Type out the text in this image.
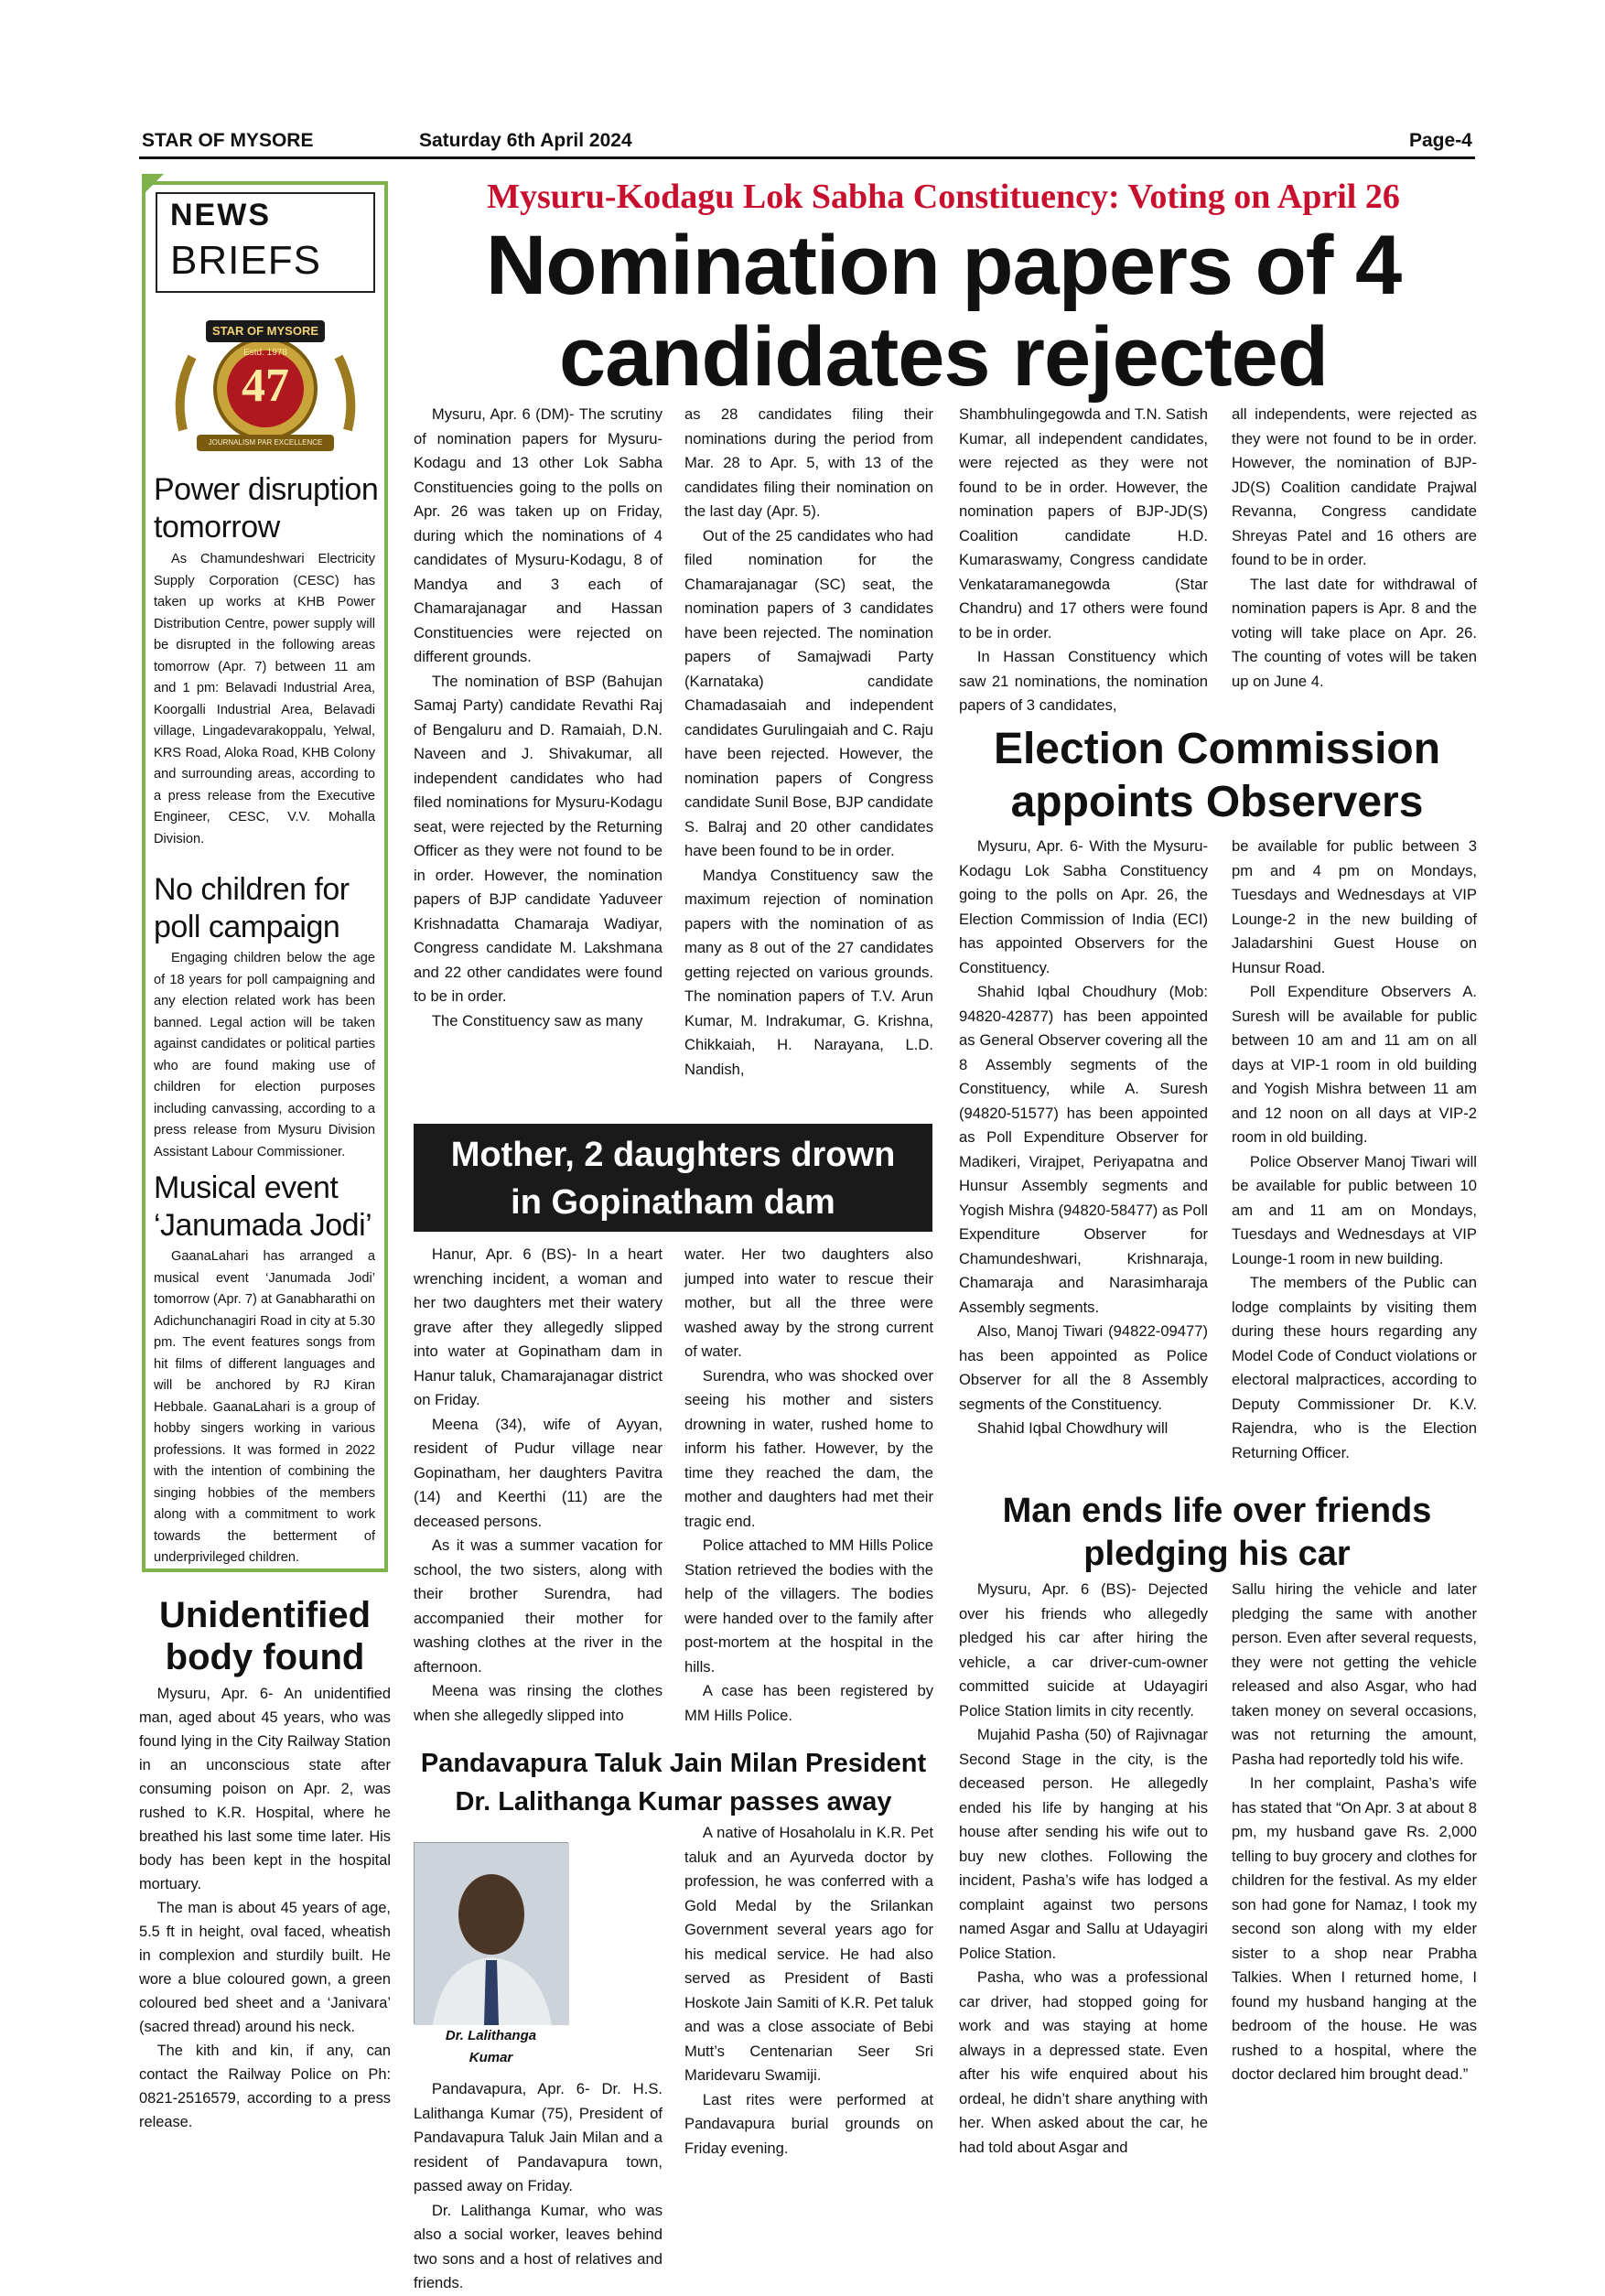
STAR OF MYSORE	Saturday 6th April 2024	Page-4
NEWS
BRIEFS
STAR OF MYSORE
Estd. 1978
47
JOURNALISM PAR EXCELLENCE
Power disruption
tomorrow

As Chamundeshwari Electricity Supply Corporation (CESC) has taken up works at KHB Power Distribution Centre, power supply will be disrupted in the following areas tomorrow (Apr. 7) between 11 am and 1 pm: Belavadi Industrial Area, Koorgalli Industrial Area, Belavadi village, Lingadevarakoppalu, Yelwal, KRS Road, Aloka Road, KHB Colony and surrounding areas, according to a press release from the Executive Engineer, CESC, V.V. Mohalla Division.

No children for
poll campaign

Engaging children below the age of 18 years for poll campaigning and any election related work has been banned. Legal action will be taken against candidates or political parties who are found making use of children for election purposes including canvassing, according to a press release from Mysuru Division Assistant Labour Commissioner.

Musical event
‘Janumada Jodi’

GaanaLahari has arranged a musical event ‘Janumada Jodi’ tomorrow (Apr. 7) at Ganabharathi on Adichunchanagiri Road in city at 5.30 pm. The event features songs from hit films of different languages and will be anchored by RJ Kiran Hebbale. GaanaLahari is a group of hobby singers working in various professions. It was formed in 2022 with the intention of combining the singing hobbies of the members along with a commitment to work towards the betterment of underprivileged children.

Unidentified
body found

Mysuru, Apr. 6- An unidentified man, aged about 45 years, who was found lying in the City Railway Station in an unconscious state after consuming poison on Apr. 2, was rushed to K.R. Hospital, where he breathed his last some time later. His body has been kept in the hospital mortuary.

The man is about 45 years of age, 5.5 ft in height, oval faced, wheatish in complexion and sturdily built. He wore a blue coloured gown, a green coloured bed sheet and a ‘Janivara’ (sacred thread) around his neck.

The kith and kin, if any, can contact the Railway Police on Ph: 0821-2516579, according to a press release.

Mysuru-Kodagu Lok Sabha Constituency: Voting on April 26
Nomination papers of 4
candidates rejected

Mysuru, Apr. 6 (DM)- The scrutiny of nomination papers for Mysuru-Kodagu and 13 other Lok Sabha Constituencies going to the polls on Apr. 26 was taken up on Friday, during which the nominations of 4 candidates of Mysuru-Kodagu, 8 of Mandya and 3 each of Chamarajanagar and Hassan Constituencies were rejected on different grounds.

The nomination of BSP (Bahujan Samaj Party) candidate Revathi Raj of Bengaluru and D. Ramaiah, D.N. Naveen and J. Shivakumar, all independent candidates who had filed nominations for Mysuru-Kodagu seat, were rejected by the Returning Officer as they were not found to be in order. However, the nomination papers of BJP candidate Yaduveer Krishnadatta Chamaraja Wadiyar, Congress candidate M. Lakshmana and 22 other candidates were found to be in order.

The Constituency saw as many

as 28 candidates filing their nominations during the period from Mar. 28 to Apr. 5, with 13 of the candidates filing their nomination on the last day (Apr. 5).

Out of the 25 candidates who had filed nomination for the Chamarajanagar (SC) seat, the nomination papers of 3 candidates have been rejected. The nomination papers of Samajwadi Party (Karnataka) candidate Chamadasaiah and independent candidates Gurulingaiah and C. Raju have been rejected. However, the nomination papers of Congress candidate Sunil Bose, BJP candidate S. Balraj and 20 other candidates have been found to be in order.

Mandya Constituency saw the maximum rejection of nomination papers with the nomination of as many as 8 out of the 27 candidates getting rejected on various grounds. The nomination papers of T.V. Arun Kumar, M. Indrakumar, G. Krishna, Chikkaiah, H. Narayana, L.D. Nandish,

Shambhulingegowda and T.N. Satish Kumar, all independent candidates, were rejected as they were not found to be in order. However, the nomination papers of BJP-JD(S) Coalition candidate H.D. Kumaraswamy, Congress candidate Venkataramanegowda (Star Chandru) and 17 others were found to be in order.

In Hassan Constituency which saw 21 nominations, the nomination papers of 3 candidates,

all independents, were rejected as they were not found to be in order. However, the nomination of BJP-JD(S) Coalition candidate Prajwal Revanna, Congress candidate Shreyas Patel and 16 others are found to be in order.

The last date for withdrawal of nomination papers is Apr. 8 and the voting will take place on Apr. 26. The counting of votes will be taken up on June 4.

Election Commission
appoints Observers

Mysuru, Apr. 6- With the Mysuru-Kodagu Lok Sabha Constituency going to the polls on Apr. 26, the Election Commission of India (ECI) has appointed Observers for the Constituency.

Shahid Iqbal Choudhury (Mob: 94820-42877) has been appointed as General Observer covering all the 8 Assembly segments of the Constituency, while A. Suresh (94820-51577) has been appointed as Poll Expenditure Observer for Madikeri, Virajpet, Periyapatna and Hunsur Assembly segments and Yogish Mishra (94820-58477) as Poll Expenditure Observer for Chamundeshwari, Krishnaraja, Chamaraja and Narasimharaja Assembly segments.

Also, Manoj Tiwari (94822-09477) has been appointed as Police Observer for all the 8 Assembly segments of the Constituency.

Shahid Iqbal Chowdhury will

be available for public between 3 pm and 4 pm on Mondays, Tuesdays and Wednesdays at VIP Lounge-2 in the new building of Jaladarshini Guest House on Hunsur Road.

Poll Expenditure Observers A. Suresh will be available for public between 10 am and 11 am on all days at VIP-1 room in old building and Yogish Mishra between 11 am and 12 noon on all days at VIP-2 room in old building.

Police Observer Manoj Tiwari will be available for public between 10 am and 11 am on Mondays, Tuesdays and Wednesdays at VIP Lounge-1 room in new building.

The members of the Public can lodge complaints by visiting them during these hours regarding any Model Code of Conduct violations or electoral malpractices, according to Deputy Commissioner Dr. K.V. Rajendra, who is the Election Returning Officer.

Mother, 2 daughters drown
in Gopinatham dam

Hanur, Apr. 6 (BS)- In a heart wrenching incident, a woman and her two daughters met their watery grave after they allegedly slipped into water at Gopinatham dam in Hanur taluk, Chamarajanagar district on Friday.

Meena (34), wife of Ayyan, resident of Pudur village near Gopinatham, her daughters Pavitra (14) and Keerthi (11) are the deceased persons.

As it was a summer vacation for school, the two sisters, along with their brother Surendra, had accompanied their mother for washing clothes at the river in the afternoon.

Meena was rinsing the clothes when she allegedly slipped into

water. Her two daughters also jumped into water to rescue their mother, but all the three were washed away by the strong current of water.

Surendra, who was shocked over seeing his mother and sisters drowning in water, rushed home to inform his father. However, by the time they reached the dam, the mother and daughters had met their tragic end.

Police attached to MM Hills Police Station retrieved the bodies with the help of the villagers. The bodies were handed over to the family after post-mortem at the hospital in the hills.

A case has been registered by MM Hills Police.

Pandavapura Taluk Jain Milan President
Dr. Lalithanga Kumar passes away
Dr. Lalithanga
Kumar

Pandavapura, Apr. 6- Dr. H.S. Lalithanga Kumar (75), President of Pandavapura Taluk Jain Milan and a resident of Pandavapura town, passed away on Friday.

Dr. Lalithanga Kumar, who was also a social worker, leaves behind two sons and a host of relatives and friends.

A native of Hosaholalu in K.R. Pet taluk and an Ayurveda doctor by profession, he was conferred with a Gold Medal by the Srilankan Government several years ago for his medical service. He had also served as President of Basti Hoskote Jain Samiti of K.R. Pet taluk and was a close associate of Bebi Mutt’s Centenarian Seer Sri Maridevaru Swamiji.

Last rites were performed at Pandavapura burial grounds on Friday evening.

Man ends life over friends
pledging his car

Mysuru, Apr. 6 (BS)- Dejected over his friends who allegedly pledged his car after hiring the vehicle, a car driver-cum-owner committed suicide at Udayagiri Police Station limits in city recently.

Mujahid Pasha (50) of Rajivnagar Second Stage in the city, is the deceased person. He allegedly ended his life by hanging at his house after sending his wife out to buy new clothes. Following the incident, Pasha’s wife has lodged a complaint against two persons named Asgar and Sallu at Udayagiri Police Station.

Pasha, who was a professional car driver, had stopped going for work and was staying at home always in a depressed state. Even after his wife enquired about his ordeal, he didn’t share anything with her. When asked about the car, he had told about Asgar and

Sallu hiring the vehicle and later pledging the same with another person. Even after several requests, they were not getting the vehicle released and also Asgar, who had taken money on several occasions, was not returning the amount, Pasha had reportedly told his wife.

In her complaint, Pasha’s wife has stated that “On Apr. 3 at about 8 pm, my husband gave Rs. 2,000 telling to buy grocery and clothes for children for the festival. As my elder son had gone for Namaz, I took my second son along with my elder sister to a shop near Prabha Talkies. When I returned home, I found my husband hanging at the bedroom of the house. He was rushed to a hospital, where the doctor declared him brought dead.”
